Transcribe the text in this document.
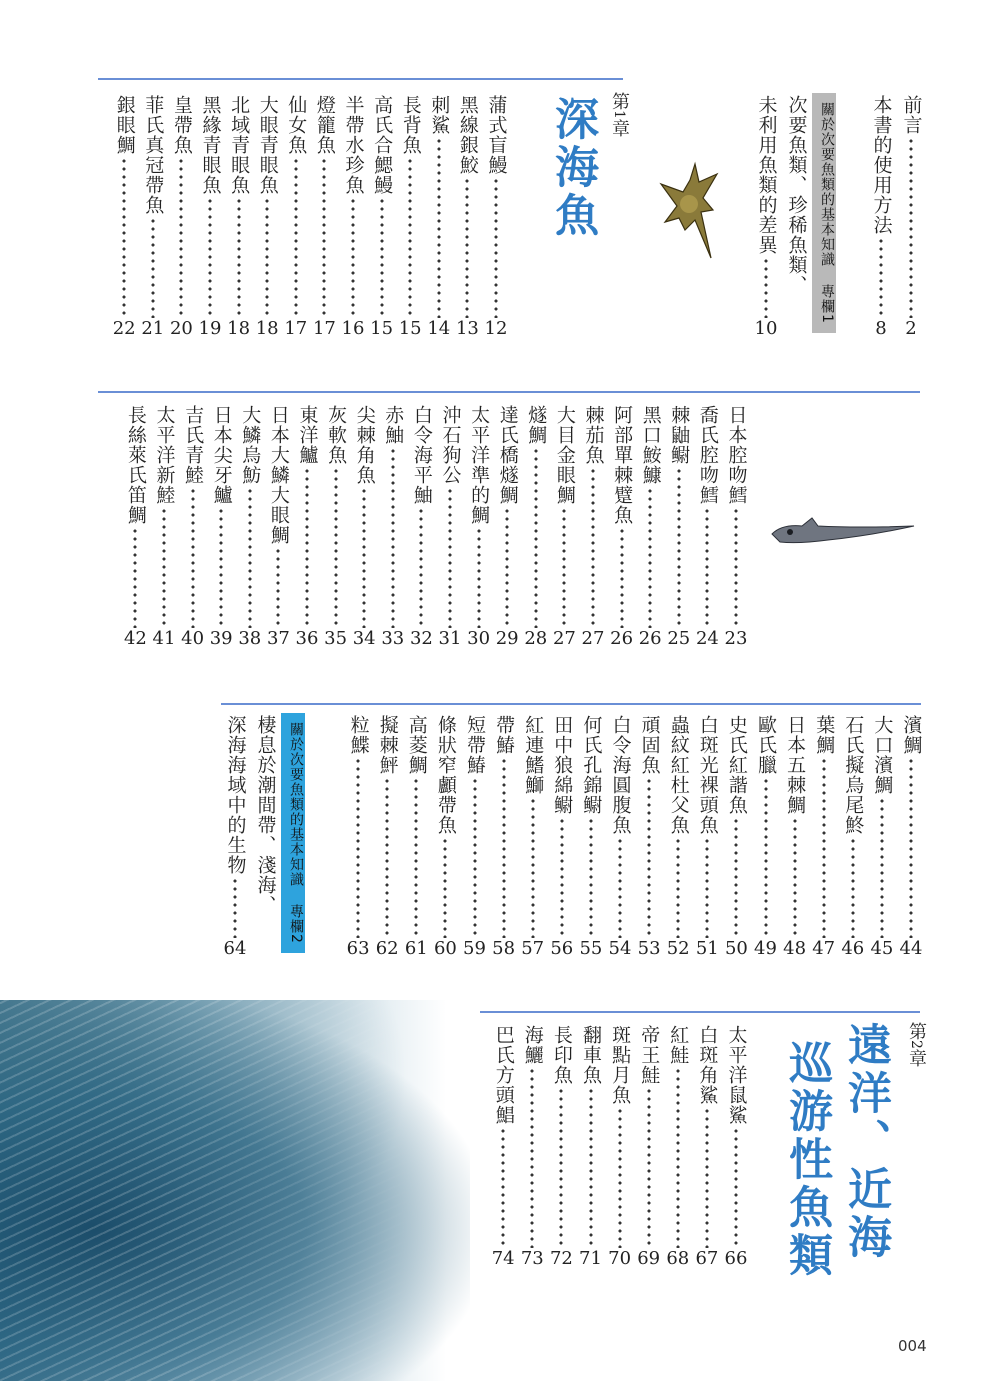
前言
2
本書的使用方法
8
關於次要魚類的基本知識 專欄1
次要魚類、珍稀魚類、
未利用魚類的差異
10
第1章
深海魚
蒲式盲鰻
12
黑線銀鮫
13
刺鯊
14
長背魚
15
高氏合鰓鰻
15
半帶水珍魚
16
燈籠魚
17
仙女魚
17
大眼青眼魚
18
北域青眼魚
18
黑緣青眼魚
19
皇帶魚
20
菲氏真冠帶魚
21
銀眼鯛
22
日本腔吻鱈
23
喬氏腔吻鱈
24
棘鼬鳚
25
黑口鮟鱇
26
阿部單棘躄魚
26
棘茄魚
27
大目金眼鯛
27
燧鯛
28
達氏橋燧鯛
29
太平洋準的鯛
30
沖石狗公
31
白令海平鮋
32
赤鮋
33
尖棘角魚
34
灰軟魚
35
東洋鱸
36
日本大鱗大眼鯛
37
大鱗烏魴
38
日本尖牙鱸
39
吉氏青鯥
40
太平洋新鯥
41
長絲萊氏笛鯛
42
濱鯛
44
大口濱鯛
45
石氏擬烏尾鮗
46
葉鯛
47
日本五棘鯛
48
歐氏臘
49
史氏紅諧魚
50
白斑光裸頭魚
51
蟲紋紅杜父魚
52
頑固魚
53
白令海圓腹魚
54
何氏孔錦鳚
55
田中狼綿鳚
56
紅連鰭鰤
57
帶鰆
58
短帶鰆
59
條狀窄顱帶魚
60
高菱鯛
61
擬棘鮃
62
粒鰈
63
關於次要魚類的基本知識 專欄2
棲息於潮間帶、淺海、
深海海域中的生物
64
第2章
遠洋、近海
巡游性魚類
太平洋鼠鯊
66
白斑角鯊
67
紅鮭
68
帝王鮭
69
斑點月魚
70
翻車魚
71
長印魚
72
海鱺
73
巴氏方頭鯧
74
004
